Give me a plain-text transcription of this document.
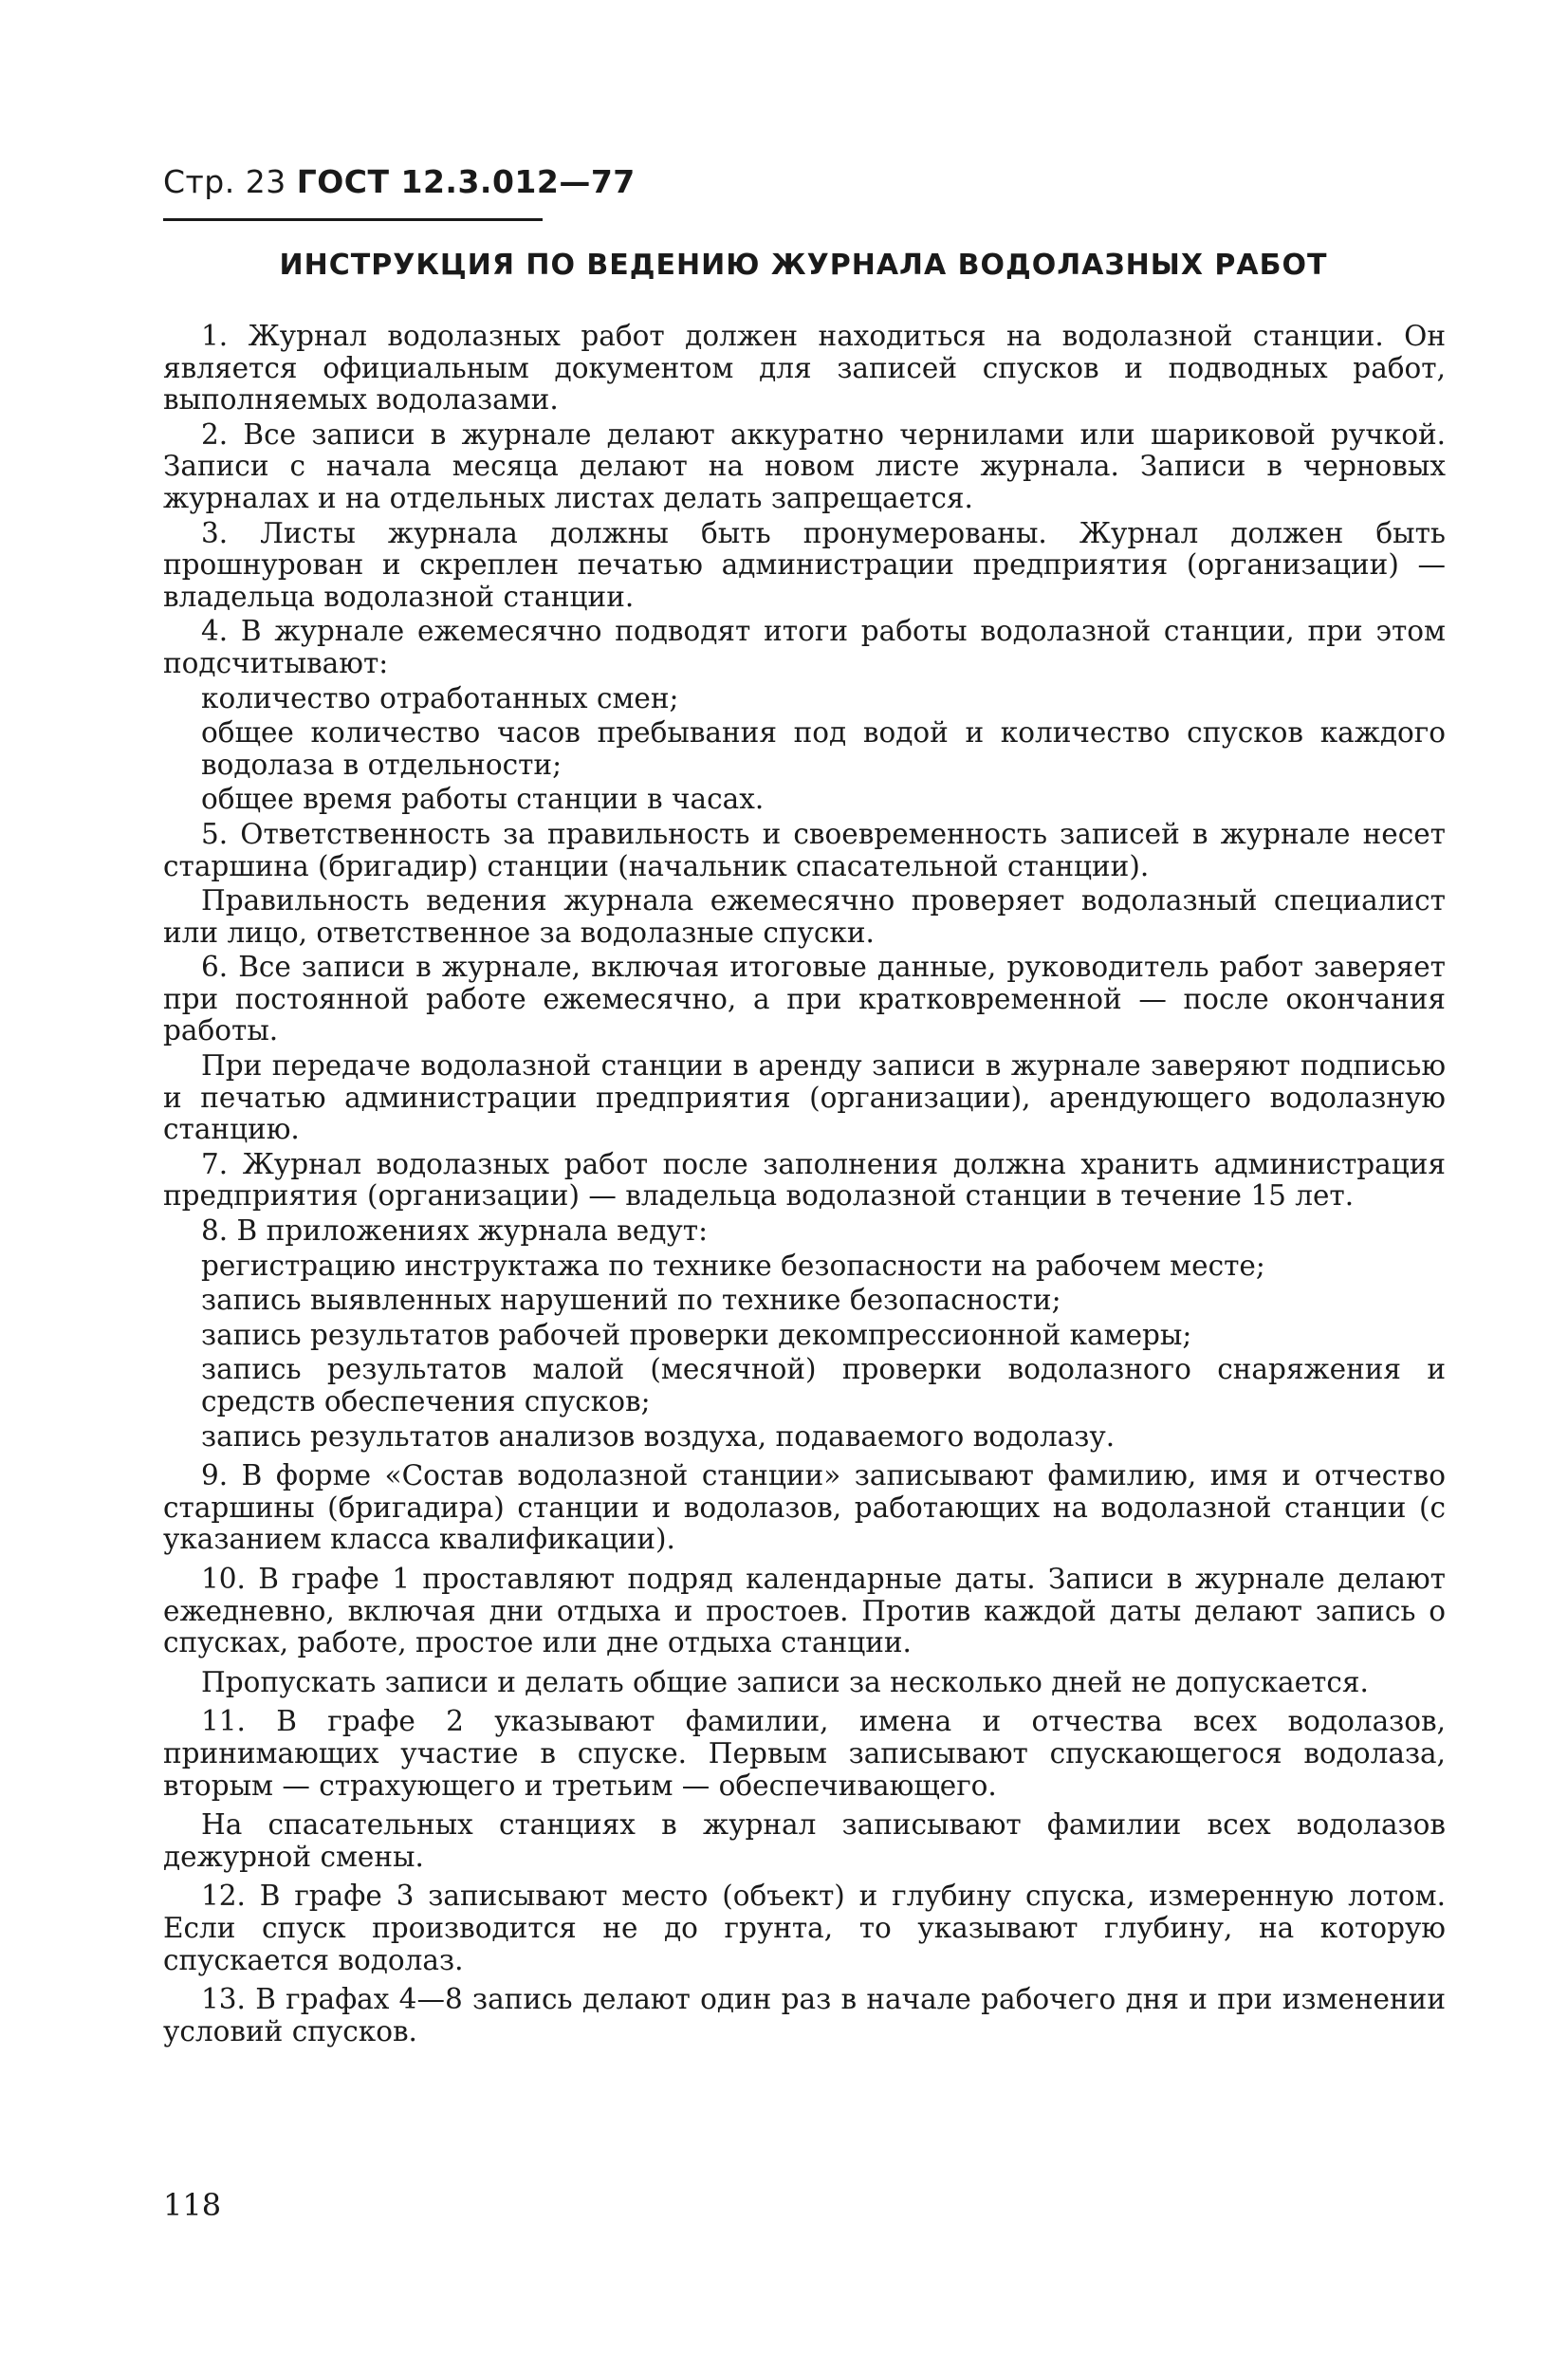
Стр. 23 ГОСТ 12.3.012—77
ИНСТРУКЦИЯ ПО ВЕДЕНИЮ ЖУРНАЛА ВОДОЛАЗНЫХ РАБОТ

1. Журнал водолазных работ должен находиться на водолазной станции. Он является официальным документом для записей спусков и подводных работ, выполняемых водолазами.

2. Все записи в журнале делают аккуратно чернилами или шариковой ручкой. Записи с начала месяца делают на новом листе журнала. Записи в черновых журналах и на отдельных листах делать запрещается.

3. Листы журнала должны быть пронумерованы. Журнал должен быть прошнурован и скреплен печатью администрации предприятия (организации) — владельца водолазной станции.

4. В журнале ежемесячно подводят итоги работы водолазной станции, при этом подсчитывают:

количество отработанных смен;

общее количество часов пребывания под водой и количество спусков каждого водолаза в отдельности;

общее время работы станции в часах.

5. Ответственность за правильность и своевременность записей в журнале несет старшина (бригадир) станции (начальник спасательной станции).

Правильность ведения журнала ежемесячно проверяет водолазный специалист или лицо, ответственное за водолазные спуски.

6. Все записи в журнале, включая итоговые данные, руководитель работ заверяет при постоянной работе ежемесячно, а при кратковременной — после окончания работы.

При передаче водолазной станции в аренду записи в журнале заверяют подписью и печатью администрации предприятия (организации), арендующего водолазную станцию.

7. Журнал водолазных работ после заполнения должна хранить администрация предприятия (организации) — владельца водолазной станции в течение 15 лет.

8. В приложениях журнала ведут:

регистрацию инструктажа по технике безопасности на рабочем месте;

запись выявленных нарушений по технике безопасности;

запись результатов рабочей проверки декомпрессионной камеры;

запись результатов малой (месячной) проверки водолазного снаряжения и средств обеспечения спусков;

запись результатов анализов воздуха, подаваемого водолазу.

9. В форме «Состав водолазной станции» записывают фамилию, имя и отчество старшины (бригадира) станции и водолазов, работающих на водолазной станции (с указанием класса квалификации).

10. В графе 1 проставляют подряд календарные даты. Записи в журнале делают ежедневно, включая дни отдыха и простоев. Против каждой даты делают запись о спусках, работе, простое или дне отдыха станции.

Пропускать записи и делать общие записи за несколько дней не допускается.

11. В графе 2 указывают фамилии, имена и отчества всех водолазов, принимающих участие в спуске. Первым записывают спускающегося водолаза, вторым — страхующего и третьим — обеспечивающего.

На спасательных станциях в журнал записывают фамилии всех водолазов дежурной смены.

12. В графе 3 записывают место (объект) и глубину спуска, измеренную лотом. Если спуск производится не до грунта, то указывают глубину, на которую спускается водолаз.

13. В графах 4—8 запись делают один раз в начале рабочего дня и при изменении условий спусков.

118
